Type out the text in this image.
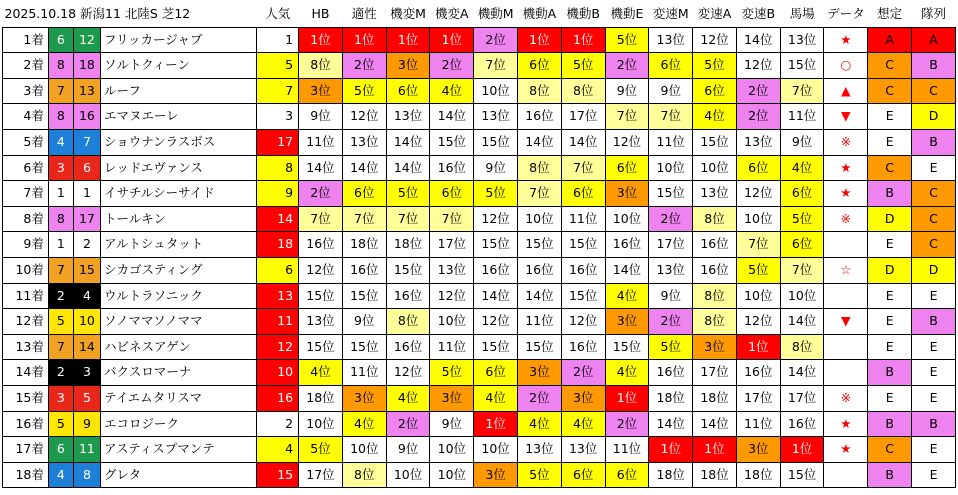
2025.10.18 新潟11 北陸S 芝12				人気	HB	適性	機変M	機変A	機動M	機動A	機動B	機動E	変速M	変速A	変速B	馬場	データ	想定	隊列
1着	6	12	フリッカージャブ	1	1位	1位	1位	1位	2位	1位	1位	5位	13位	12位	14位	13位	★	A	A
2着	8	18	ソルトクィーン	5	8位	2位	3位	2位	7位	6位	5位	2位	6位	5位	12位	15位	○	C	B
3着	7	13	ルーフ	7	3位	5位	6位	4位	10位	8位	8位	9位	9位	6位	2位	7位	▲	C	C
4着	8	16	エマヌエーレ	3	9位	12位	13位	14位	13位	16位	17位	7位	7位	4位	2位	11位	▼	E	D
5着	4	7	ショウナンラスボス	17	11位	13位	14位	15位	15位	14位	14位	12位	11位	15位	13位	9位	※	E	B
6着	3	6	レッドエヴァンス	8	14位	14位	14位	16位	9位	8位	7位	6位	10位	10位	6位	4位	★	C	E
7着	1	1	イサチルシーサイド	9	2位	6位	5位	6位	5位	7位	6位	3位	15位	13位	12位	6位	★	B	C
8着	8	17	トールキン	14	7位	7位	7位	7位	12位	10位	11位	10位	2位	8位	10位	5位	※	D	C
9着	1	2	アルトシュタット	18	16位	18位	18位	17位	15位	15位	15位	16位	17位	16位	7位	6位		E	C
10着	7	15	シカゴスティング	6	12位	16位	15位	13位	16位	16位	16位	14位	13位	16位	5位	7位	☆	D	D
11着	2	4	ウルトラソニック	13	15位	15位	16位	12位	14位	14位	15位	4位	9位	8位	10位	10位		E	E
12着	5	10	ソノママソノママ	11	13位	9位	8位	10位	12位	11位	12位	3位	2位	8位	12位	14位	▼	E	B
13着	7	14	ハビネスアゲン	12	15位	15位	16位	11位	15位	15位	16位	15位	5位	3位	1位	8位		E	E
14着	2	3	バクスロマーナ	10	4位	11位	12位	5位	6位	3位	2位	4位	16位	17位	16位	14位		B	E
15着	3	5	テイエムタリスマ	16	18位	3位	4位	3位	4位	2位	3位	1位	18位	18位	17位	17位	※	E	E
16着	5	9	エコロジーク	2	10位	4位	2位	9位	1位	4位	4位	2位	14位	14位	11位	16位	★	B	B
17着	6	11	アスティスプマンテ	4	5位	10位	9位	10位	10位	13位	13位	11位	1位	1位	3位	1位	★	C	E
18着	4	8	グレタ	15	17位	8位	10位	10位	3位	5位	6位	6位	18位	18位	18位	15位		B	E
